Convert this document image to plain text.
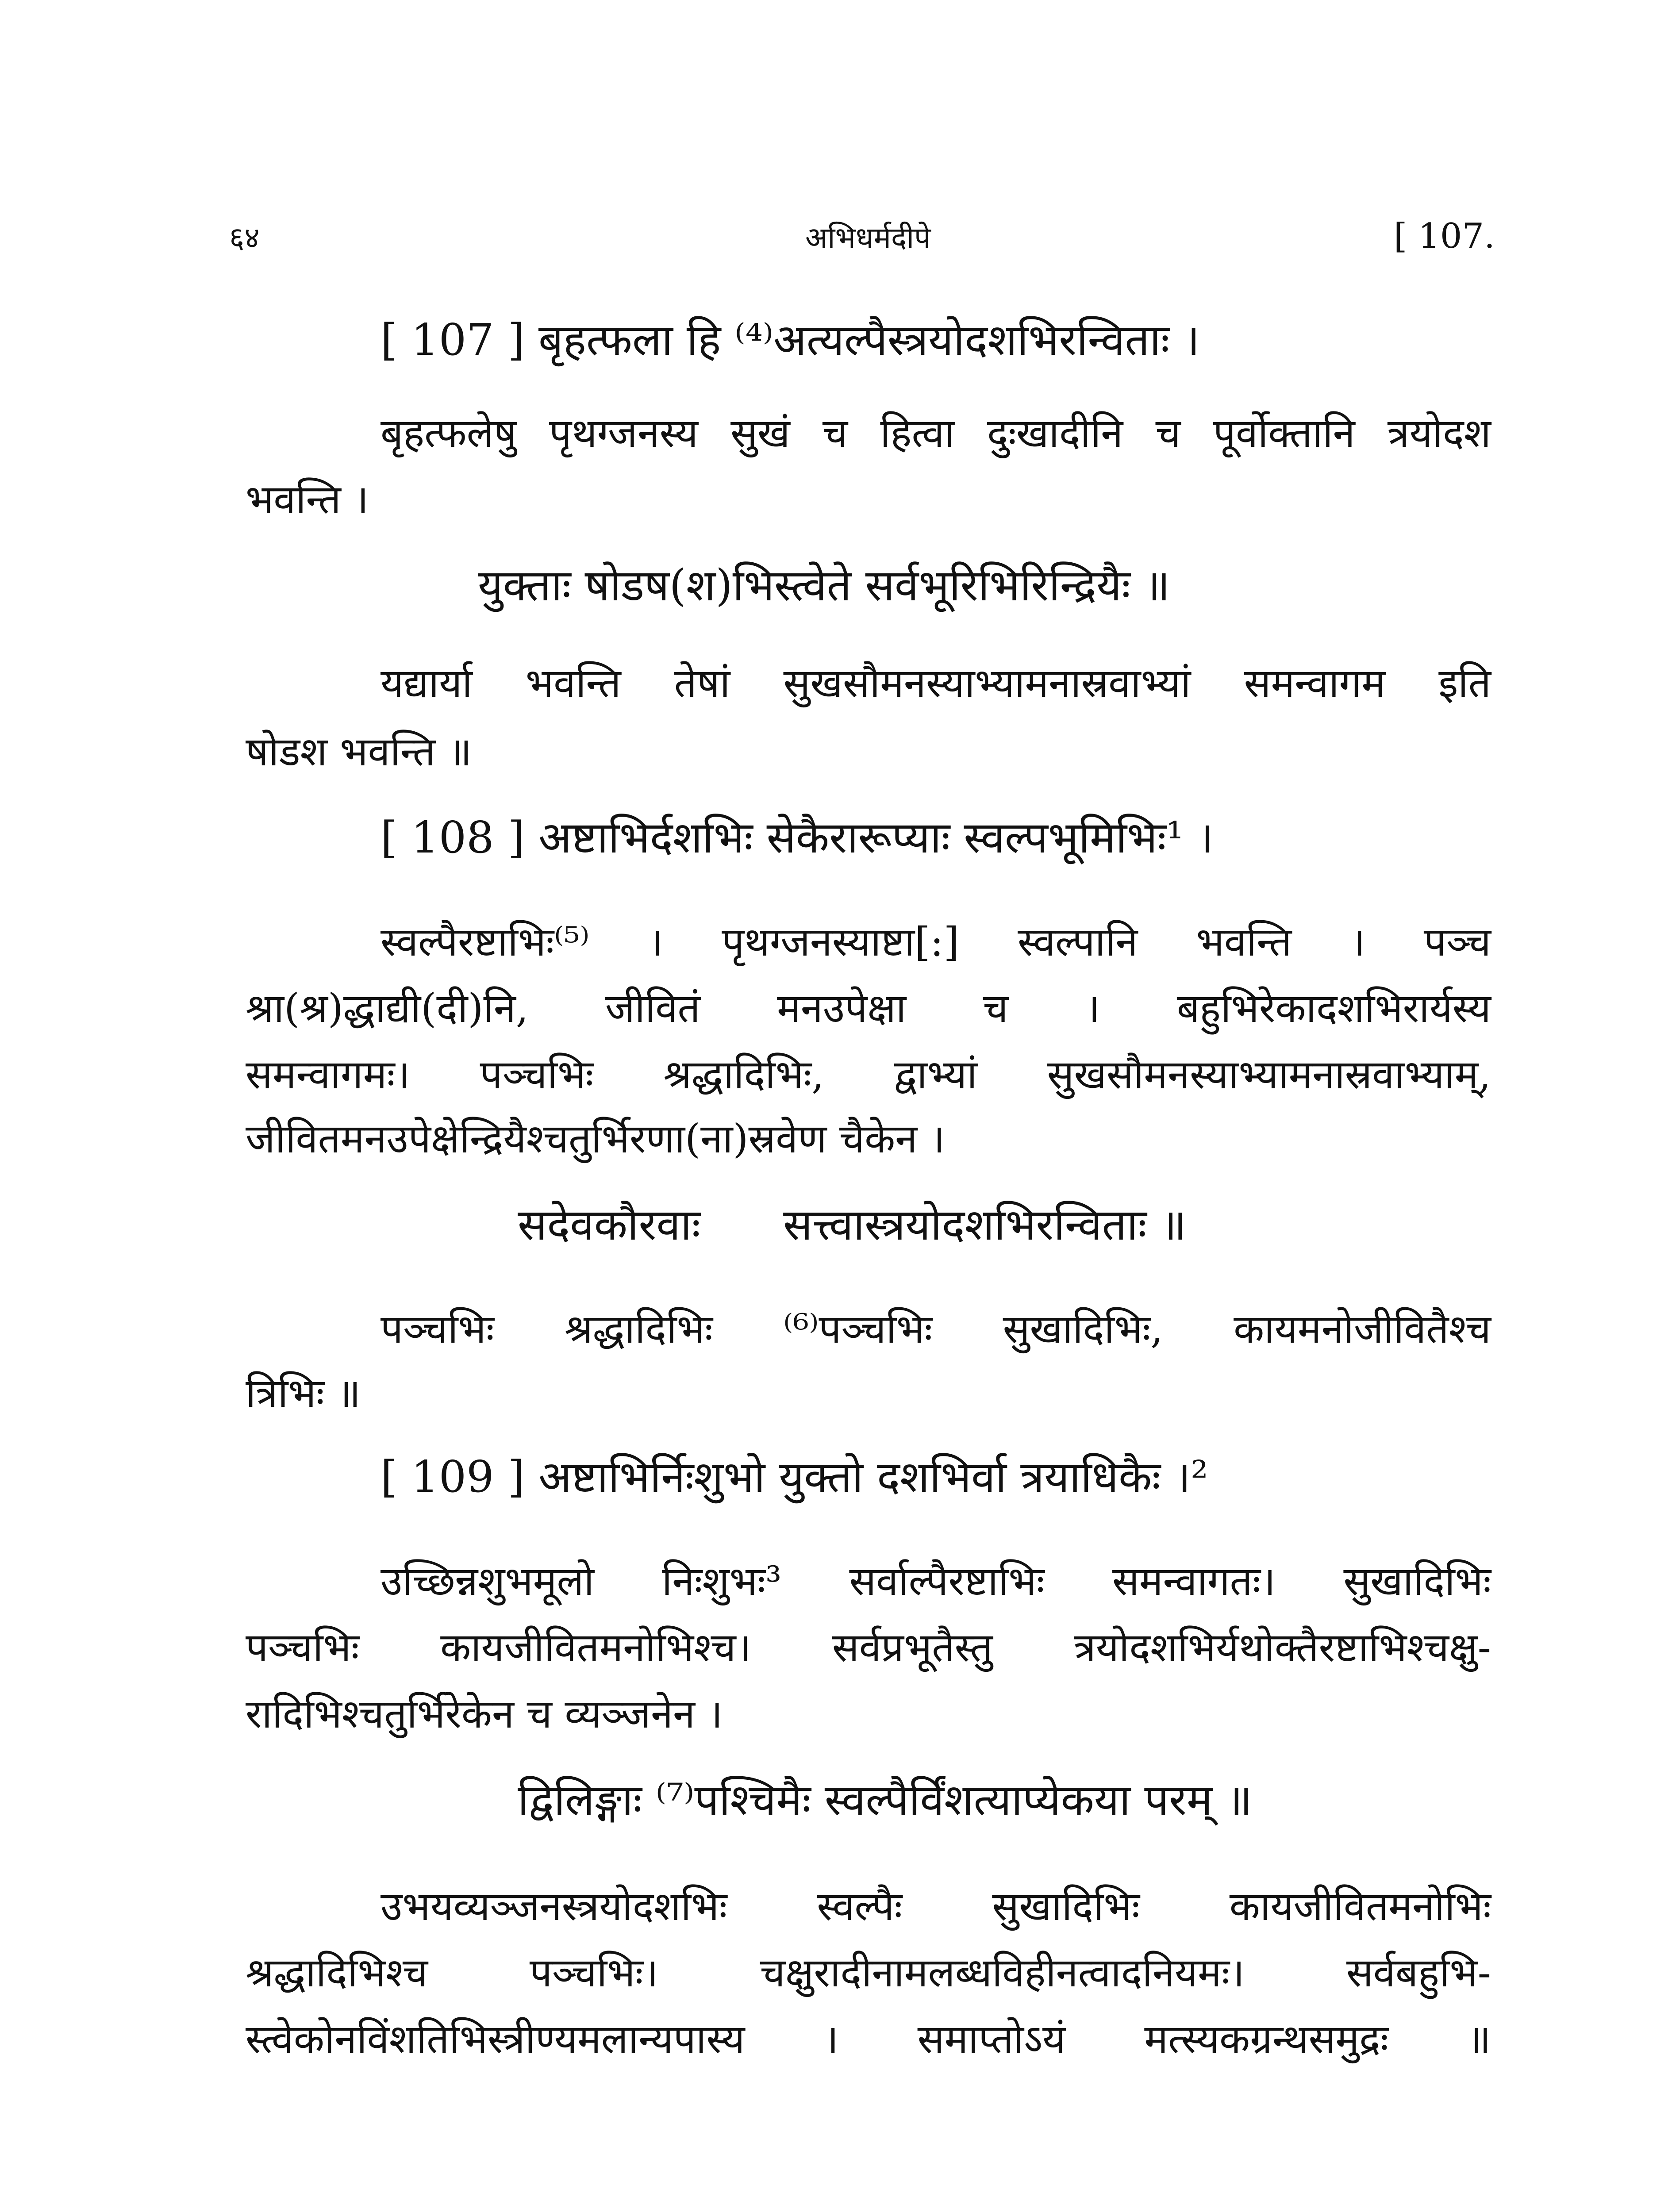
६४	अभिधर्मदीपे	[ 107.
[ 107 ] बृहत्फला हि ⁽⁴⁾अत्यल्पैस्त्रयोदशभिरन्विताः ।
बृहत्फलेषु पृथग्जनस्य सुखं च हित्वा दुःखादीनि च पूर्वोक्तानि त्रयोदश
भवन्ति ।
युक्ताः षोडष(श)भिस्त्वेते सर्वभूरिभिरिन्द्रियैः ॥
यद्यार्या भवन्ति तेषां सुखसौमनस्याभ्यामनास्रवाभ्यां समन्वागम इति
षोडश भवन्ति ॥
[ 108 ] अष्टाभिर्दशभिः सेकैरारूप्याः स्वल्पभूमिभिः¹ ।
स्वल्पैरष्टाभिः⁽⁵⁾ । पृथग्जनस्याष्टा[:] स्वल्पानि भवन्ति । पञ्च
श्रा(श्र)द्धाद्यी(दी)नि, जीवितं मनउपेक्षा च । बहुभिरेकादशभिरार्यस्य
समन्वागमः। पञ्चभिः श्रद्धादिभिः, द्वाभ्यां सुखसौमनस्याभ्यामनास्रवाभ्याम्,
जीवितमनउपेक्षेन्द्रियैश्चतुर्भिरणा(ना)स्रवेण चैकेन ।
सदेवकौरवाः      सत्त्वास्त्रयोदशभिरन्विताः ॥
पञ्चभिः श्रद्धादिभिः ⁽⁶⁾पञ्चभिः सुखादिभिः, कायमनोजीवितैश्च
त्रिभिः ॥
[ 109 ] अष्टाभिर्निःशुभो युक्तो दशभिर्वा त्रयाधिकैः ।²
उच्छिन्नशुभमूलो निःशुभः³ सर्वाल्पैरष्टाभिः समन्वागतः। सुखादिभिः
पञ्चभिः कायजीवितमनोभिश्च। सर्वप्रभूतैस्तु त्रयोदशभिर्यथोक्तैरष्टाभिश्चक्षु-
रादिभिश्चतुर्भिरेकेन च व्यञ्जनेन ।
द्विलिङ्गाः ⁽⁷⁾पश्चिमैः स्वल्पैर्विंशत्याप्येकया परम् ॥
उभयव्यञ्जनस्त्रयोदशभिः स्वल्पैः सुखादिभिः कायजीवितमनोभिः
श्रद्धादिभिश्च पञ्चभिः। चक्षुरादीनामलब्धविहीनत्वादनियमः। सर्वबहुभि-
स्त्वेकोनविंशतिभिस्त्रीण्यमलान्यपास्य । समाप्तोऽयं मत्स्यकग्रन्थसमुद्रः ॥
